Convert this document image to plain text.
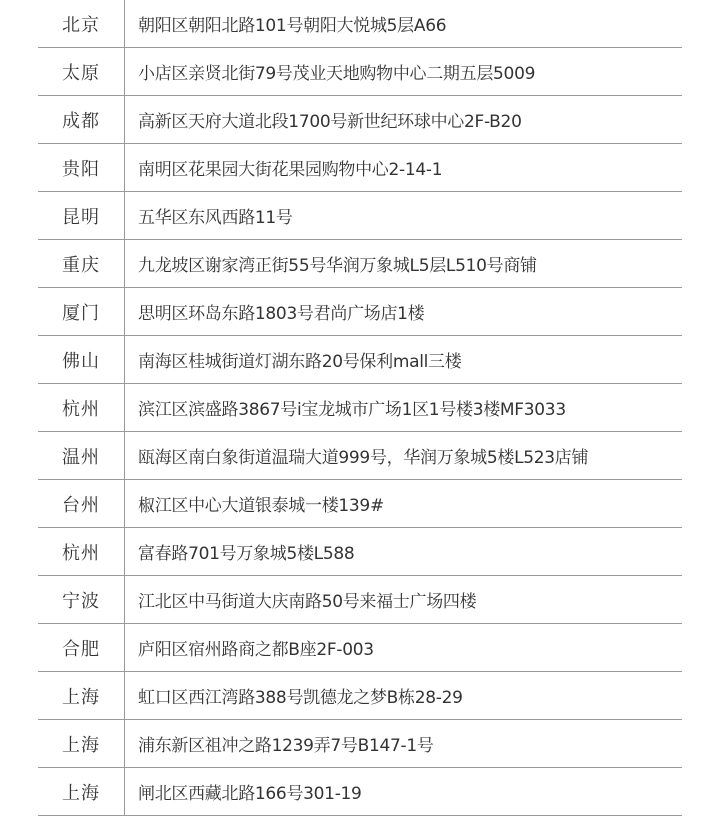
北京	朝阳区朝阳北路101号朝阳大悦城5层A66
太原	小店区亲贤北街79号茂业天地购物中心二期五层5009
成都	高新区天府大道北段1700号新世纪环球中心2F-B20
贵阳	南明区花果园大街花果园购物中心2-14-1
昆明	五华区东风西路11号
重庆	九龙坡区谢家湾正街55号华润万象城L5层L510号商铺
厦门	思明区环岛东路1803号君尚广场店1楼
佛山	南海区桂城街道灯湖东路20号保利mall三楼
杭州	滨江区滨盛路3867号i宝龙城市广场1区1号楼3楼MF3033
温州	瓯海区南白象街道温瑞大道999号，华润万象城5楼L523店铺
台州	椒江区中心大道银泰城一楼139#
杭州	富春路701号万象城5楼L588
宁波	江北区中马街道大庆南路50号来福士广场四楼
合肥	庐阳区宿州路商之都B座2F-003
上海	虹口区西江湾路388号凯德龙之梦B栋28-29
上海	浦东新区祖冲之路1239弄7号B147-1号
上海	闸北区西藏北路166号301-19
